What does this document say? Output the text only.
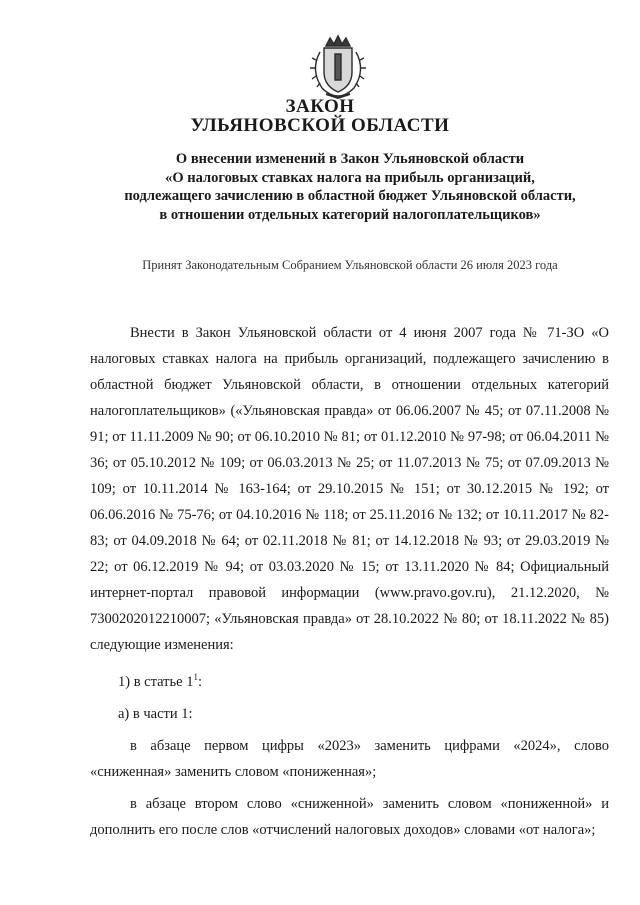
ЗАКОН
УЛЬЯНОВСКОЙ ОБЛАСТИ
О внесении изменений в Закон Ульяновской области
«О налоговых ставках налога на прибыль организаций,
подлежащего зачислению в областной бюджет Ульяновской области,
в отношении отдельных категорий налогоплательщиков»
Принят Законодательным Собранием Ульяновской области 26 июля 2023 года

Внести в Закон Ульяновской области от 4 июня 2007 года № 71-ЗО «О налоговых ставках налога на прибыль организаций, подлежащего зачислению в областной бюджет Ульяновской области, в отношении отдельных категорий налогоплательщиков» («Ульяновская правда» от 06.06.2007 № 45; от 07.11.2008 № 91; от 11.11.2009 № 90; от 06.10.2010 № 81; от 01.12.2010 № 97-98; от 06.04.2011 № 36; от 05.10.2012 № 109; от 06.03.2013 № 25; от 11.07.2013 № 75; от 07.09.2013 № 109; от 10.11.2014 № 163-164; от 29.10.2015 № 151; от 30.12.2015 № 192; от 06.06.2016 № 75-76; от 04.10.2016 № 118; от 25.11.2016 № 132; от 10.11.2017 № 82-83; от 04.09.2018 № 64; от 02.11.2018 № 81; от 14.12.2018 № 93; от 29.03.2019 № 22; от 06.12.2019 № 94; от 03.03.2020 № 15; от 13.11.2020 № 84; Официальный интернет-портал правовой информации (www.pravo.gov.ru), 21.12.2020, № 7300202012210007; «Ульяновская правда» от 28.10.2022 № 80; от 18.11.2022 № 85) следующие изменения:

1) в статье $1^1$:

а) в части 1:

в абзаце первом цифры «2023» заменить цифрами «2024», слово «сниженная» заменить словом «пониженная»;

в абзаце втором слово «сниженной» заменить словом «пониженной» и дополнить его после слов «отчислений налоговых доходов» словами «от налога»;
